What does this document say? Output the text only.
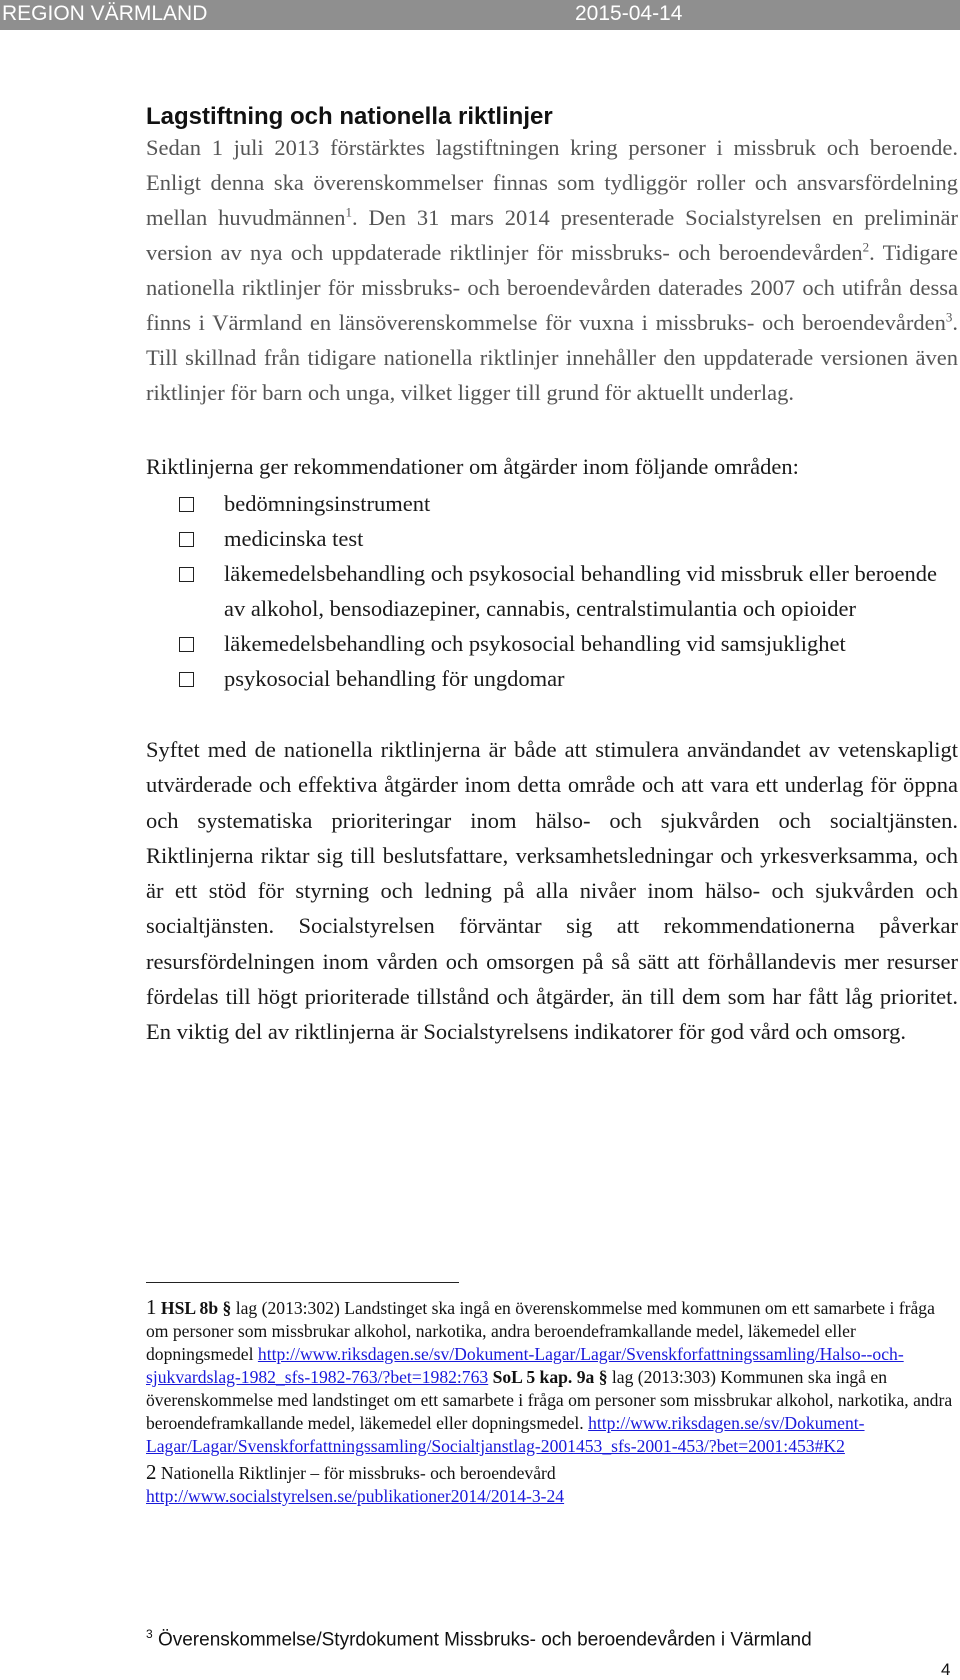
REGION VÄRMLAND	2015-04-14
Lagstiftning och nationella riktlinjer

Sedan 1 juli 2013 förstärktes lagstiftningen kring personer i missbruk och beroende. Enligt denna ska överenskommelser finnas som tydliggör roller och ansvarsfördelning mellan huvudmännen$^1$. Den 31 mars 2014 presenterade Socialstyrelsen en preliminär version av nya och uppdaterade riktlinjer för missbruks- och beroendevården$^2$. Tidigare nationella riktlinjer för missbruks- och beroendevården daterades 2007 och utifrån dessa finns i Värmland en länsöverenskommelse för vuxna i missbruks- och beroendevården$^3$. Till skillnad från tidigare nationella riktlinjer innehåller den uppdaterade versionen även riktlinjer för barn och unga, vilket ligger till grund för aktuellt underlag.

Riktlinjerna ger rekommendationer om åtgärder inom följande områden:
bedömningsinstrument
medicinska test
läkemedelsbehandling och psykosocial behandling vid missbruk eller beroende av alkohol, bensodiazepiner, cannabis, centralstimulantia och opioider
läkemedelsbehandling och psykosocial behandling vid samsjuklighet
psykosocial behandling för ungdomar

Syftet med de nationella riktlinjerna är både att stimulera användandet av vetenskapligt utvärderade och effektiva åtgärder inom detta område och att vara ett underlag för öppna och systematiska prioriteringar inom hälso- och sjukvården och socialtjänsten. Riktlinjerna riktar sig till beslutsfattare, verksamhetsledningar och yrkesverksamma, och är ett stöd för styrning och ledning på alla nivåer inom hälso- och sjukvården och socialtjänsten. Socialstyrelsen förväntar sig att rekommendationerna påverkar resursfördelningen inom vården och omsorgen på så sätt att förhållandevis mer resurser fördelas till högt prioriterade tillstånd och åtgärder, än till dem som har fått låg prioritet. En viktig del av riktlinjerna är Socialstyrelsens indikatorer för god vård och omsorg.

1 HSL 8b § lag (2013:302) Landstinget ska ingå en överenskommelse med kommunen om ett samarbete i fråga om personer som missbrukar alkohol, narkotika, andra beroendeframkallande medel, läkemedel eller dopningsmedel http://www.riksdagen.se/sv/Dokument-Lagar/Lagar/Svenskforfattningssamling/Halso--och-sjukvardslag-1982_sfs-1982-763/?bet=1982:763 SoL 5 kap. 9a § lag (2013:303) Kommunen ska ingå en överenskommelse med landstinget om ett samarbete i fråga om personer som missbrukar alkohol, narkotika, andra beroendeframkallande medel, läkemedel eller dopningsmedel. http://www.riksdagen.se/sv/Dokument-Lagar/Lagar/Svenskforfattningssamling/Socialtjanstlag-2001453_sfs-2001-453/?bet=2001:453#K2
2 Nationella Riktlinjer – för missbruks- och beroendevård
http://www.socialstyrelsen.se/publikationer2014/2014-3-24
$^3$ Överenskommelse/Styrdokument Missbruks- och beroendevården i Värmland
4
